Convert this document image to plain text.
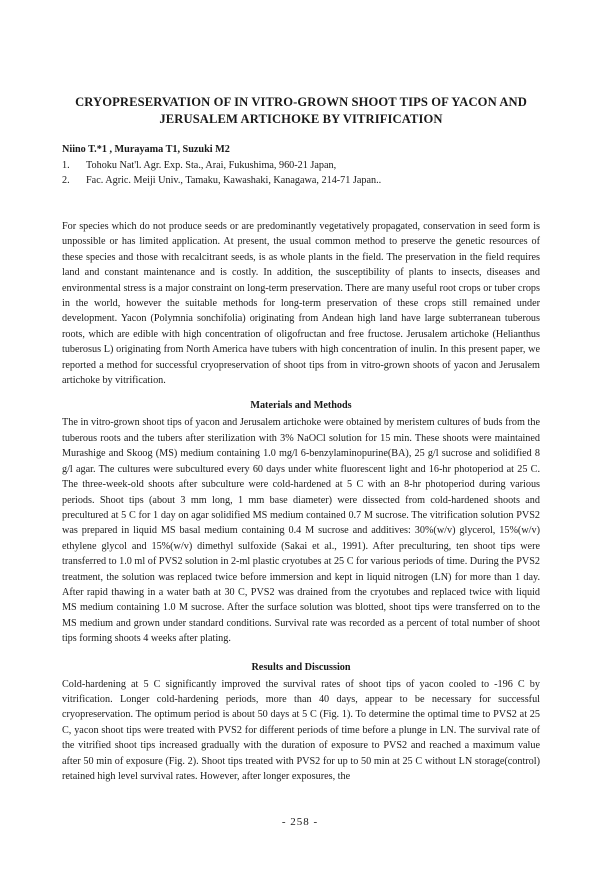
CRYOPRESERVATION OF IN VITRO-GROWN SHOOT TIPS OF YACON AND
JERUSALEM ARTICHOKE BY VITRIFICATION

Niino T.*1 , Murayama T1, Suzuki M2

1. Tohoku Nat'l. Agr. Exp. Sta., Arai, Fukushima, 960-21 Japan,

2. Fac. Agric. Meiji Univ., Tamaku, Kawashaki, Kanagawa, 214-71 Japan..

For species which do not produce seeds or are predominantly vegetatively propagated, conservation in seed form is unpossible or has limited application. At present, the usual common method to preserve the genetic resources of these species and those with recalcitrant seeds, is as whole plants in the field. The preservation in the field requires land and constant maintenance and is costly. In addition, the susceptibility of plants to insects, diseases and environmental stress is a major constraint on long-term preservation. There are many useful root crops or tuber crops in the world, however the suitable methods for long-term preservation of these crops still remained under development. Yacon (Polymnia sonchifolia) originating from Andean high land have large subterranean tuberous roots, which are edible with high concentration of oligofructan and free fructose. Jerusalem artichoke (Helianthus tuberosus L) originating from North America have tubers with high concentration of inulin. In this present paper, we reported a method for successful cryopreservation of shoot tips from in vitro-grown shoots of yacon and Jerusalem artichoke by vitrification.

Materials and Methods

The in vitro-grown shoot tips of yacon and Jerusalem artichoke were obtained by meristem cultures of buds from the tuberous roots and the tubers after sterilization with 3% NaOCl solution for 15 min. These shoots were maintained Murashige and Skoog (MS) medium containing 1.0 mg/l 6-benzylaminopurine(BA), 25 g/l sucrose and solidified 8 g/l agar. The cultures were subcultured every 60 days under white fluorescent light and 16-hr photoperiod at 25 C. The three-week-old shoots after subculture were cold-hardened at 5 C with an 8-hr photoperiod during various periods. Shoot tips (about 3 mm long, 1 mm base diameter) were dissected from cold-hardened shoots and precultured at 5 C for 1 day on agar solidified MS medium contained 0.7 M sucrose. The vitrification solution PVS2 was prepared in liquid MS basal medium containing 0.4 M sucrose and additives: 30%(w/v) glycerol, 15%(w/v) ethylene glycol and 15%(w/v) dimethyl sulfoxide (Sakai et al., 1991). After preculturing, ten shoot tips were transferred to 1.0 ml of PVS2 solution in 2-ml plastic cryotubes at 25 C for various periods of time. During the PVS2 treatment, the solution was replaced twice before immersion and kept in liquid nitrogen (LN) for more than 1 day. After rapid thawing in a water bath at 30 C, PVS2 was drained from the cryotubes and replaced twice with liquid MS medium containing 1.0 M sucrose. After the surface solution was blotted, shoot tips were transferred on to the MS medium and grown under standard conditions. Survival rate was recorded as a percent of total number of shoot tips forming shoots 4 weeks after plating.

Results and Discussion

Cold-hardening at 5 C significantly improved the survival rates of shoot tips of yacon cooled to -196 C by vitrification. Longer cold-hardening periods, more than 40 days, appear to be necessary for successful cryopreservation. The optimum period is about 50 days at 5 C (Fig. 1). To determine the optimal time to PVS2 at 25 C, yacon shoot tips were treated with PVS2 for different periods of time before a plunge in LN. The survival rate of the vitrified shoot tips increased gradually with the duration of exposure to PVS2 and reached a maximum value after 50 min of exposure (Fig. 2). Shoot tips treated with PVS2 for up to 50 min at 25 C without LN storage(control) retained high level survival rates. However, after longer exposures, the

- 258 -
